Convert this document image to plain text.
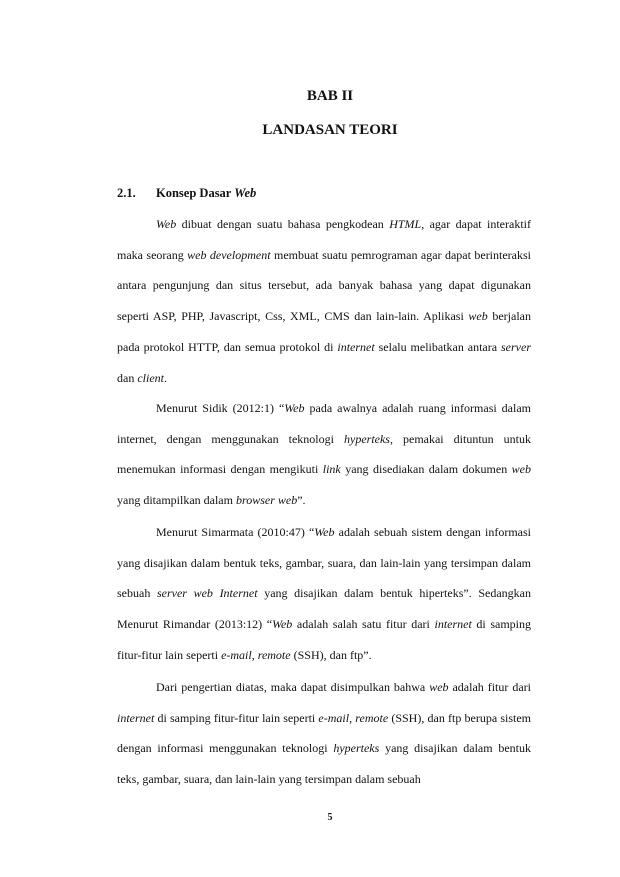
BAB II
LANDASAN TEORI
2.1. Konsep Dasar Web

Web dibuat dengan suatu bahasa pengkodean HTML, agar dapat interaktif maka seorang web development membuat suatu pemrograman agar dapat berinteraksi antara pengunjung dan situs tersebut, ada banyak bahasa yang dapat digunakan seperti ASP, PHP, Javascript, Css, XML, CMS dan lain-lain. Aplikasi web berjalan pada protokol HTTP, dan semua protokol di internet selalu melibatkan antara server dan client.

Menurut Sidik (2012:1) “Web pada awalnya adalah ruang informasi dalam internet, dengan menggunakan teknologi hyperteks, pemakai dituntun untuk menemukan informasi dengan mengikuti link yang disediakan dalam dokumen web yang ditampilkan dalam browser web”.

Menurut Simarmata (2010:47) “Web adalah sebuah sistem dengan informasi yang disajikan dalam bentuk teks, gambar, suara, dan lain-lain yang tersimpan dalam sebuah server web Internet yang disajikan dalam bentuk hiperteks”. Sedangkan Menurut Rimandar (2013:12) “Web adalah salah satu fitur dari internet di samping fitur-fitur lain seperti e-mail, remote (SSH), dan ftp”.

Dari pengertian diatas, maka dapat disimpulkan bahwa web adalah fitur dari internet di samping fitur-fitur lain seperti e-mail, remote (SSH), dan ftp berupa sistem dengan informasi menggunakan teknologi hyperteks yang disajikan dalam bentuk teks, gambar, suara, dan lain-lain yang tersimpan dalam sebuah

5
